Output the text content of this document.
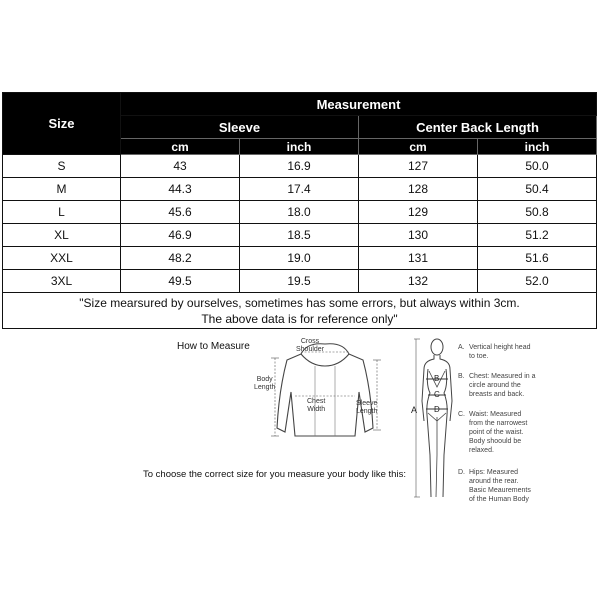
Size	Measurement			
	Sleeve		Center Back Length	
	cm	inch	cm	inch
S	43	16.9	127	50.0
M	44.3	17.4	128	50.4
L	45.6	18.0	129	50.8
XL	46.9	18.5	130	51.2
XXL	48.2	19.0	131	51.6
3XL	49.5	19.5	132	52.0

"Size mearsured by ourselves, sometimes has some errors, but always within 3cm.
The above data is for reference only"				
How to Measure	Cross
Shoulder
Body
Length
Chest
Width
Sleeve
Length
To choose the correct size for you measure your body like this:
A
B
C
D
A. Vertical height head
to toe.
B. Chest: Measured in a
circle around the
breasts and back.
C. Waist: Measured
from the narrowest
point of the waist.
Body shoould be
relaxed.
D. Hips: Measured
around the rear.
Basic Meaurements
of the Human Body
